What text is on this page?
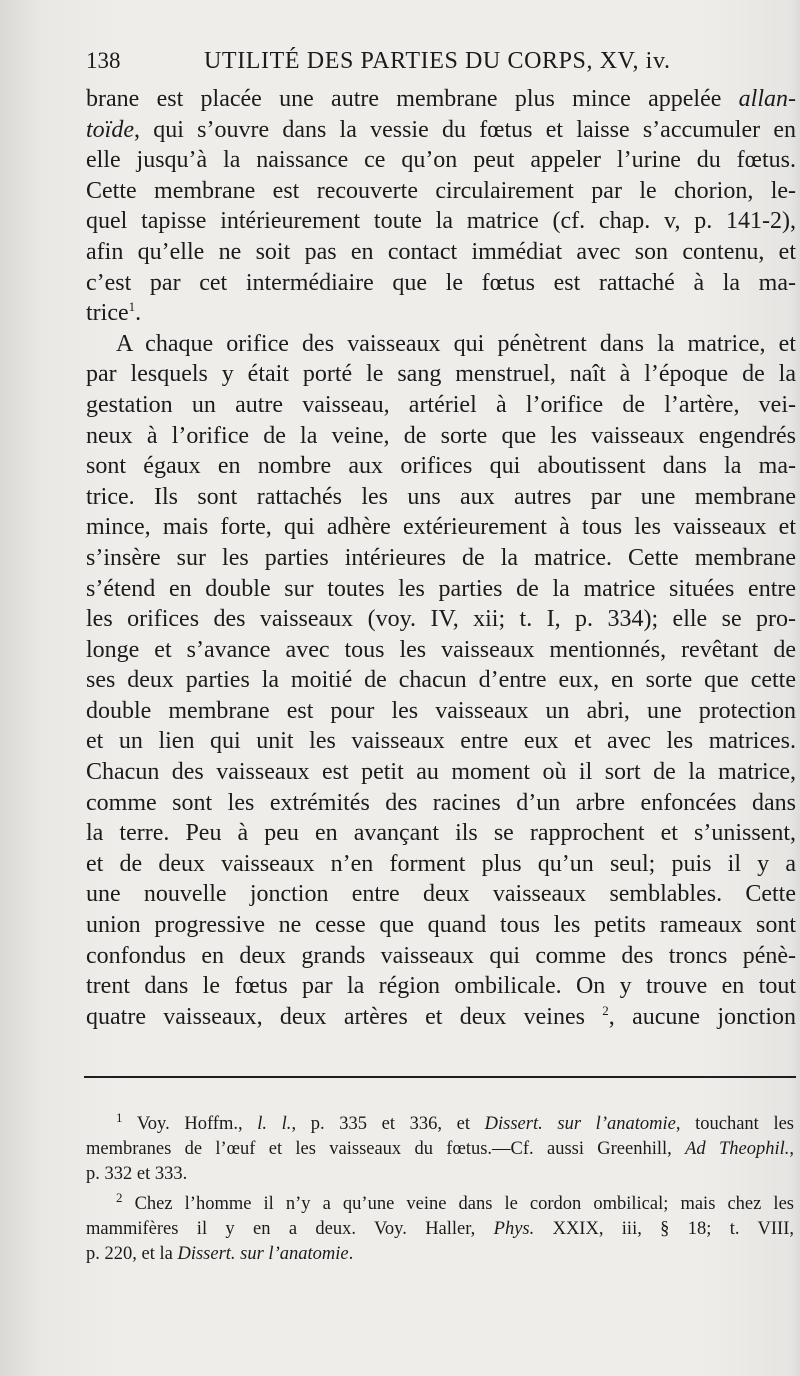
138	UTILITÉ DES PARTIES DU CORPS, XV, iv.
brane est placée une autre membrane plus mince appelée allan-
toïde, qui s’ouvre dans la vessie du fœtus et laisse s’accumuler en
elle jusqu’à la naissance ce qu’on peut appeler l’urine du fœtus.
Cette membrane est recouverte circulairement par le chorion, le-
quel tapisse intérieurement toute la matrice (cf. chap. v, p. 141-2),
afin qu’elle ne soit pas en contact immédiat avec son contenu, et
c’est par cet intermédiaire que le fœtus est rattaché à la ma-
trice$^1$.
A chaque orifice des vaisseaux qui pénètrent dans la matrice, et
par lesquels y était porté le sang menstruel, naît à l’époque de la
gestation un autre vaisseau, artériel à l’orifice de l’artère, vei-
neux à l’orifice de la veine, de sorte que les vaisseaux engendrés
sont égaux en nombre aux orifices qui aboutissent dans la ma-
trice. Ils sont rattachés les uns aux autres par une membrane
mince, mais forte, qui adhère extérieurement à tous les vaisseaux et
s’insère sur les parties intérieures de la matrice. Cette membrane
s’étend en double sur toutes les parties de la matrice situées entre
les orifices des vaisseaux (voy. IV, xii; t. I, p. 334); elle se pro-
longe et s’avance avec tous les vaisseaux mentionnés, revêtant de
ses deux parties la moitié de chacun d’entre eux, en sorte que cette
double membrane est pour les vaisseaux un abri, une protection
et un lien qui unit les vaisseaux entre eux et avec les matrices.
Chacun des vaisseaux est petit au moment où il sort de la matrice,
comme sont les extrémités des racines d’un arbre enfoncées dans
la terre. Peu à peu en avançant ils se rapprochent et s’unissent,
et de deux vaisseaux n’en forment plus qu’un seul; puis il y a
une nouvelle jonction entre deux vaisseaux semblables. Cette
union progressive ne cesse que quand tous les petits rameaux sont
confondus en deux grands vaisseaux qui comme des troncs pénè-
trent dans le fœtus par la région ombilicale. On y trouve en tout
quatre vaisseaux, deux artères et deux veines $^2$, aucune jonction
$^1$ Voy. Hoffm., l. l., p. 335 et 336, et Dissert. sur l’anatomie, touchant les
membranes de l’œuf et les vaisseaux du fœtus.—Cf. aussi Greenhill, Ad Theophil.,
p. 332 et 333.
$^2$ Chez l’homme il n’y a qu’une veine dans le cordon ombilical; mais chez les
mammifères il y en a deux. Voy. Haller, Phys. XXIX, iii, § 18; t. VIII,
p. 220, et la Dissert. sur l’anatomie.
